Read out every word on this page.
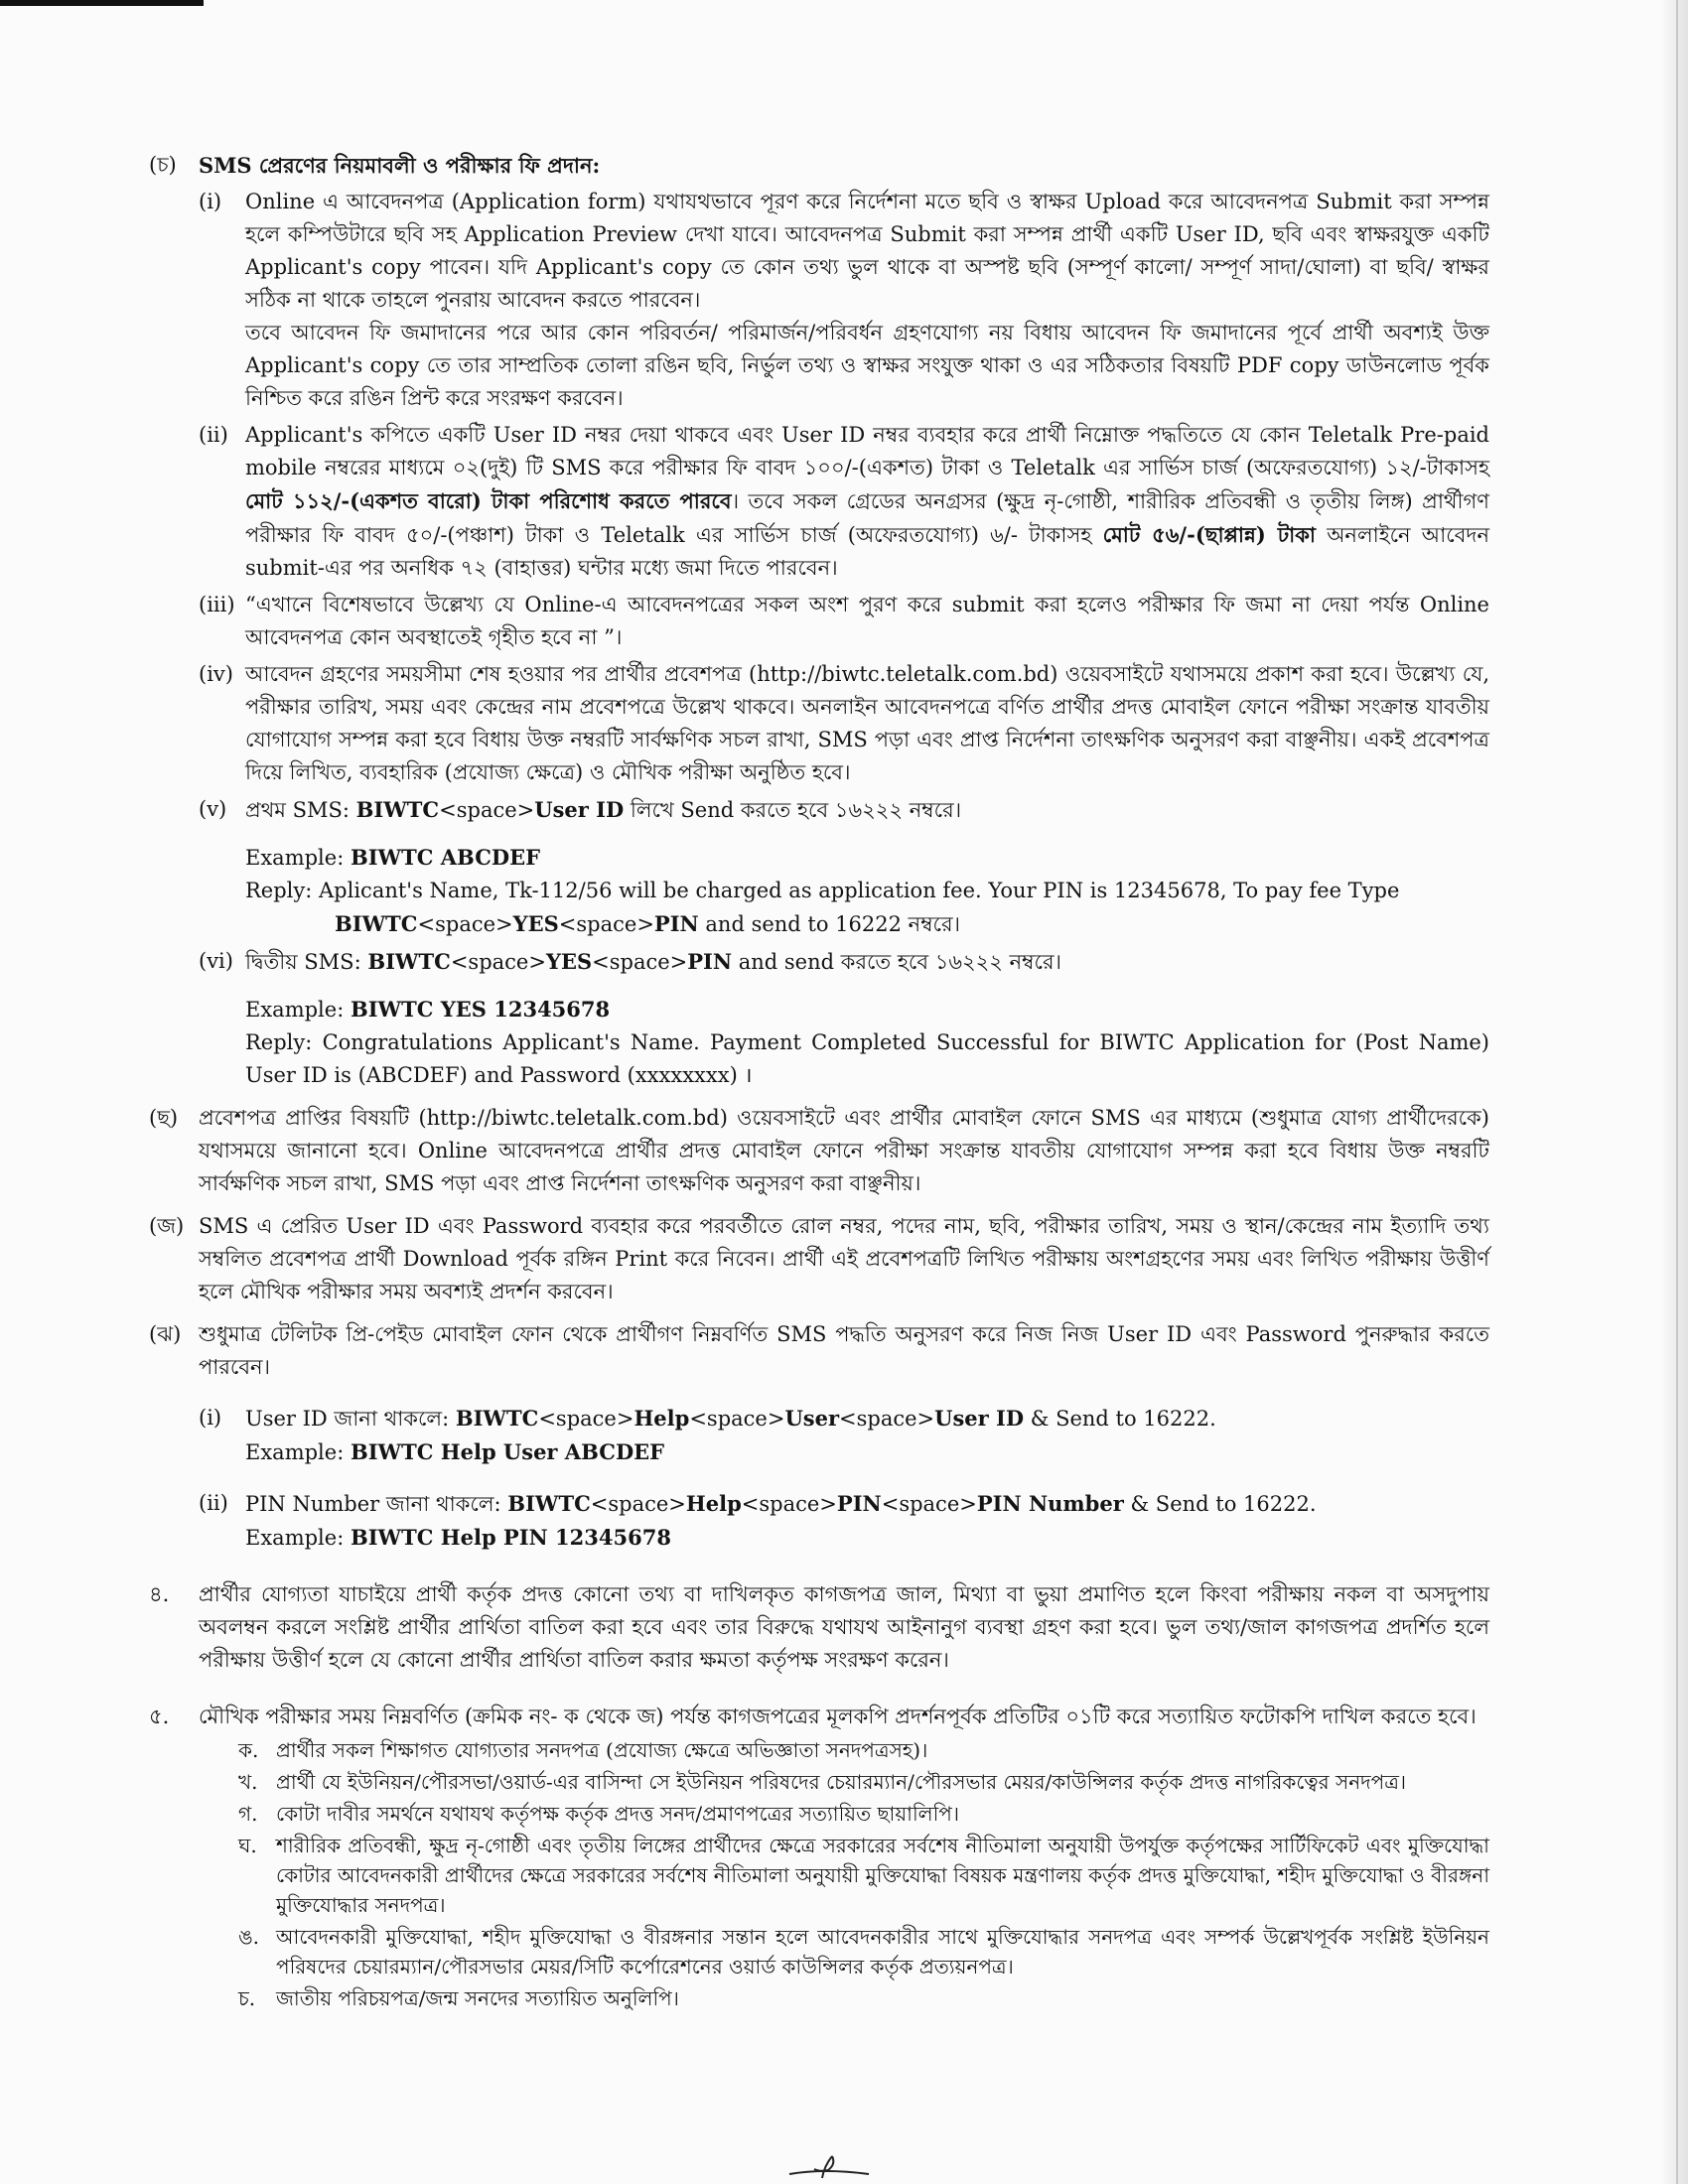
(চ)	SMS প্রেরণের নিয়মাবলী ও পরীক্ষার ফি প্রদান:
(i)	Online এ আবেদনপত্র (Application form) যথাযথভাবে পূরণ করে নির্দেশনা মতে ছবি ও স্বাক্ষর Upload করে আবেদনপত্র Submit করা সম্পন্ন হলে কম্পিউটারে ছবি সহ Application Preview দেখা যাবে। আবেদনপত্র Submit করা সম্পন্ন প্রার্থী একটি User ID, ছবি এবং স্বাক্ষরযুক্ত একটি Applicant's copy পাবেন। যদি Applicant's copy তে কোন তথ্য ভুল থাকে বা অস্পষ্ট ছবি (সম্পূর্ণ কালো/ সম্পূর্ণ সাদা/ঘোলা) বা ছবি/ স্বাক্ষর সঠিক না থাকে তাহলে পুনরায় আবেদন করতে পারবেন।
তবে আবেদন ফি জমাদানের পরে আর কোন পরিবর্তন/ পরিমার্জন/পরিবর্ধন গ্রহণযোগ্য নয় বিধায় আবেদন ফি জমাদানের পূর্বে প্রার্থী অবশ্যই উক্ত Applicant's copy তে তার সাম্প্রতিক তোলা রঙিন ছবি, নির্ভুল তথ্য ও স্বাক্ষর সংযুক্ত থাকা ও এর সঠিকতার বিষয়টি PDF copy ডাউনলোড পূর্বক নিশ্চিত করে রঙিন প্রিন্ট করে সংরক্ষণ করবেন।
(ii) Applicant's কপিতে একটি User ID নম্বর দেয়া থাকবে এবং User ID নম্বর ব্যবহার করে প্রার্থী নিম্নোক্ত পদ্ধতিতে যে কোন Teletalk Pre-paid mobile নম্বরের মাধ্যমে ০২(দুই) টি SMS করে পরীক্ষার ফি বাবদ ১০০/-(একশত) টাকা ও Teletalk এর সার্ভিস চার্জ (অফেরতযোগ্য) ১২/-টাকাসহ মোট ১১২/-(একশত বারো) টাকা পরিশোধ করতে পারবে। তবে সকল গ্রেডের অনগ্রসর (ক্ষুদ্র নৃ-গোষ্ঠী, শারীরিক প্রতিবন্ধী ও তৃতীয় লিঙ্গ) প্রার্থীগণ পরীক্ষার ফি বাবদ ৫০/-(পঞ্চাশ) টাকা ও Teletalk এর সার্ভিস চার্জ (অফেরতযোগ্য) ৬/- টাকাসহ মোট ৫৬/-(ছাপ্পান্ন) টাকা অনলাইনে আবেদন submit-এর পর অনধিক ৭২ (বাহাত্তর) ঘন্টার মধ্যে জমা দিতে পারবেন।
(iii) “এখানে বিশেষভাবে উল্লেখ্য যে Online-এ আবেদনপত্রের সকল অংশ পুরণ করে submit করা হলেও পরীক্ষার ফি জমা না দেয়া পর্যন্ত Online আবেদনপত্র কোন অবস্থাতেই গৃহীত হবে না ”।
(iv) আবেদন গ্রহণের সময়সীমা শেষ হওয়ার পর প্রার্থীর প্রবেশপত্র (http://biwtc.teletalk.com.bd) ওয়েবসাইটে যথাসময়ে প্রকাশ করা হবে। উল্লেখ্য যে, পরীক্ষার তারিখ, সময় এবং কেন্দ্রের নাম প্রবেশপত্রে উল্লেখ থাকবে। অনলাইন আবেদনপত্রে বর্ণিত প্রার্থীর প্রদত্ত মোবাইল ফোনে পরীক্ষা সংক্রান্ত যাবতীয় যোগাযোগ সম্পন্ন করা হবে বিধায় উক্ত নম্বরটি সার্বক্ষণিক সচল রাখা, SMS পড়া এবং প্রাপ্ত নির্দেশনা তাৎক্ষণিক অনুসরণ করা বাঞ্ছনীয়। একই প্রবেশপত্র দিয়ে লিখিত, ব্যবহারিক (প্রযোজ্য ক্ষেত্রে) ও মৌখিক পরীক্ষা অনুষ্ঠিত হবে।
(v) প্রথম SMS: BIWTC<space>User ID লিখে Send করতে হবে ১৬২২২ নম্বরে।
Example: BIWTC ABCDEF
Reply: Aplicant's Name, Tk-112/56 will be charged as application fee. Your PIN is 12345678, To pay fee Type
BIWTC<space>YES<space>PIN and send to 16222 নম্বরে।
(vi) দ্বিতীয় SMS: BIWTC<space>YES<space>PIN and send করতে হবে ১৬২২২ নম্বরে।
Example: BIWTC YES 12345678
Reply: Congratulations Applicant's Name. Payment Completed Successful for BIWTC Application for (Post Name) User ID is (ABCDEF) and Password (xxxxxxxx) ।
(ছ) প্রবেশপত্র প্রাপ্তির বিষয়টি (http://biwtc.teletalk.com.bd) ওয়েবসাইটে এবং প্রার্থীর মোবাইল ফোনে SMS এর মাধ্যমে (শুধুমাত্র যোগ্য প্রার্থীদেরকে) যথাসময়ে জানানো হবে। Online আবেদনপত্রে প্রার্থীর প্রদত্ত মোবাইল ফোনে পরীক্ষা সংক্রান্ত যাবতীয় যোগাযোগ সম্পন্ন করা হবে বিধায় উক্ত নম্বরটি সার্বক্ষণিক সচল রাখা, SMS পড়া এবং প্রাপ্ত নির্দেশনা তাৎক্ষণিক অনুসরণ করা বাঞ্ছনীয়।
(জ) SMS এ প্রেরিত User ID এবং Password ব্যবহার করে পরবর্তীতে রোল নম্বর, পদের নাম, ছবি, পরীক্ষার তারিখ, সময় ও স্থান/কেন্দ্রের নাম ইত্যাদি তথ্য সম্বলিত প্রবেশপত্র প্রার্থী Download পূর্বক রঙ্গিন Print করে নিবেন। প্রার্থী এই প্রবেশপত্রটি লিখিত পরীক্ষায় অংশগ্রহণের সময় এবং লিখিত পরীক্ষায় উত্তীর্ণ হলে মৌখিক পরীক্ষার সময় অবশ্যই প্রদর্শন করবেন।
(ঝ) শুধুমাত্র টেলিটক প্রি-পেইড মোবাইল ফোন থেকে প্রার্থীগণ নিম্নবর্ণিত SMS পদ্ধতি অনুসরণ করে নিজ নিজ User ID এবং Password পুনরুদ্ধার করতে পারবেন।
(i)	User ID জানা থাকলে: BIWTC<space>Help<space>User<space>User ID & Send to 16222.
Example: BIWTC Help User ABCDEF
(ii) PIN Number জানা থাকলে: BIWTC<space>Help<space>PIN<space>PIN Number & Send to 16222.
Example: BIWTC Help PIN 12345678
৪.	প্রার্থীর যোগ্যতা যাচাইয়ে প্রার্থী কর্তৃক প্রদত্ত কোনো তথ্য বা দাখিলকৃত কাগজপত্র জাল, মিথ্যা বা ভুয়া প্রমাণিত হলে কিংবা পরীক্ষায় নকল বা অসদুপায় অবলম্বন করলে সংশ্লিষ্ট প্রার্থীর প্রার্থিতা বাতিল করা হবে এবং তার বিরুদ্ধে যথাযথ আইনানুগ ব্যবস্থা গ্রহণ করা হবে। ভুল তথ্য/জাল কাগজপত্র প্রদর্শিত হলে পরীক্ষায় উত্তীর্ণ হলে যে কোনো প্রার্থীর প্রার্থিতা বাতিল করার ক্ষমতা কর্তৃপক্ষ সংরক্ষণ করেন।
৫.	মৌখিক পরীক্ষার সময় নিম্নবর্ণিত (ক্রমিক নং- ক থেকে জ) পর্যন্ত কাগজপত্রের মূলকপি প্রদর্শনপূর্বক প্রতিটির ০১টি করে সত্যায়িত ফটোকপি দাখিল করতে হবে।
ক. প্রার্থীর সকল শিক্ষাগত যোগ্যতার সনদপত্র (প্রযোজ্য ক্ষেত্রে অভিজ্ঞাতা সনদপত্রসহ)।
খ. প্রার্থী যে ইউনিয়ন/পৌরসভা/ওয়ার্ড-এর বাসিন্দা সে ইউনিয়ন পরিষদের চেয়ারম্যান/পৌরসভার মেয়র/কাউন্সিলর কর্তৃক প্রদত্ত নাগরিকত্বের সনদপত্র।
গ. কোটা দাবীর সমর্থনে যথাযথ কর্তৃপক্ষ কর্তৃক প্রদত্ত সনদ/প্রমাণপত্রের সত্যায়িত ছায়ালিপি।
ঘ. শারীরিক প্রতিবন্ধী, ক্ষুদ্র নৃ-গোষ্ঠী এবং তৃতীয় লিঙ্গের প্রার্থীদের ক্ষেত্রে সরকারের সর্বশেষ নীতিমালা অনুযায়ী উপর্যুক্ত কর্তৃপক্ষের সার্টিফিকেট এবং মুক্তিযোদ্ধা কোটার আবেদনকারী প্রার্থীদের ক্ষেত্রে সরকারের সর্বশেষ নীতিমালা অনুযায়ী মুক্তিযোদ্ধা বিষয়ক মন্ত্রণালয় কর্তৃক প্রদত্ত মুক্তিযোদ্ধা, শহীদ মুক্তিযোদ্ধা ও বীরঙ্গনা মুক্তিযোদ্ধার সনদপত্র।
ঙ. আবেদনকারী মুক্তিযোদ্ধা, শহীদ মুক্তিযোদ্ধা ও বীরঙ্গনার সন্তান হলে আবেদনকারীর সাথে মুক্তিযোদ্ধার সনদপত্র এবং সম্পর্ক উল্লেখপূর্বক সংশ্লিষ্ট ইউনিয়ন পরিষদের চেয়ারম্যান/পৌরসভার মেয়র/সিটি কর্পোরেশনের ওয়ার্ড কাউন্সিলর কর্তৃক প্রত্যয়নপত্র।
চ.	জাতীয় পরিচয়পত্র/জন্ম সনদের সত্যায়িত অনুলিপি।
